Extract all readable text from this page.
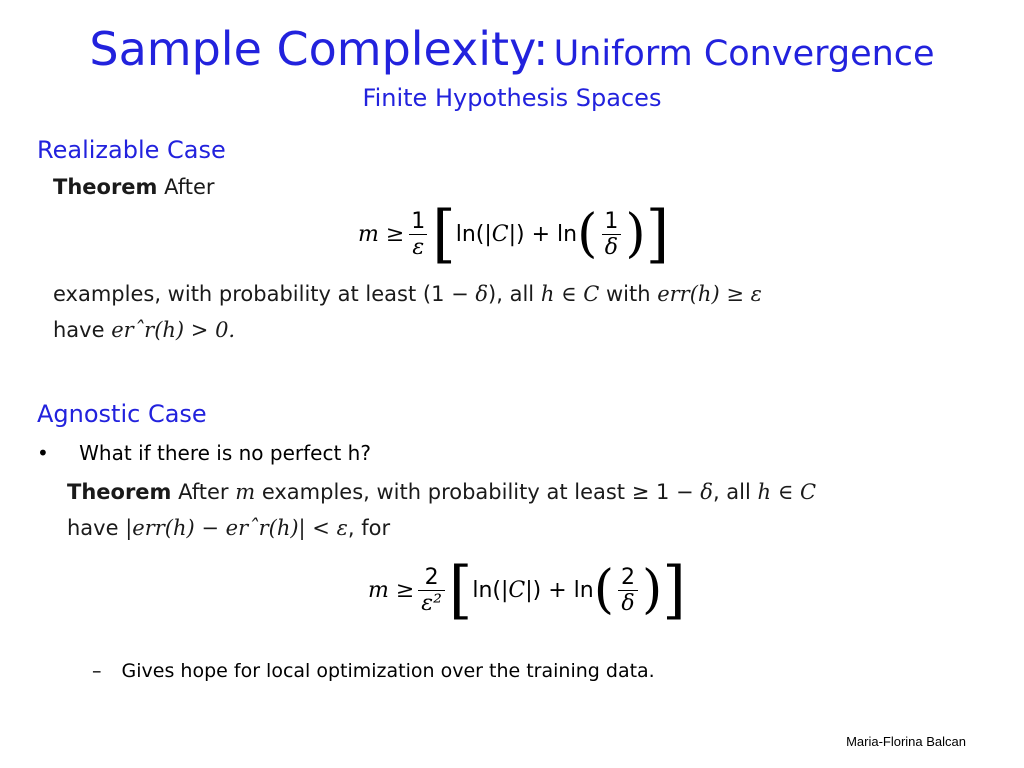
Sample Complexity: Uniform Convergence
Finite Hypothesis Spaces
Realizable Case
Theorem After
$m \ge \frac{1}{\varepsilon}$ [ ln(| C |) + ln ( $\frac{1}{\delta}$ ) ]
examples, with probability at least (1 − δ), all h ∈ C with err(h) ≥ ε
have erˆr(h) > 0.
Agnostic Case
• What if there is no perfect h?
Theorem After m examples, with probability at least ≥ 1 − δ, all h ∈ C
have |err(h) − erˆr(h)| < ε, for
$m \ge \frac{2}{\text{ε²}}$ [ ln(| C |) + ln ( $\frac{2}{\delta}$ ) ]
– Gives hope for local optimization over the training data.
Maria-Florina Balcan
